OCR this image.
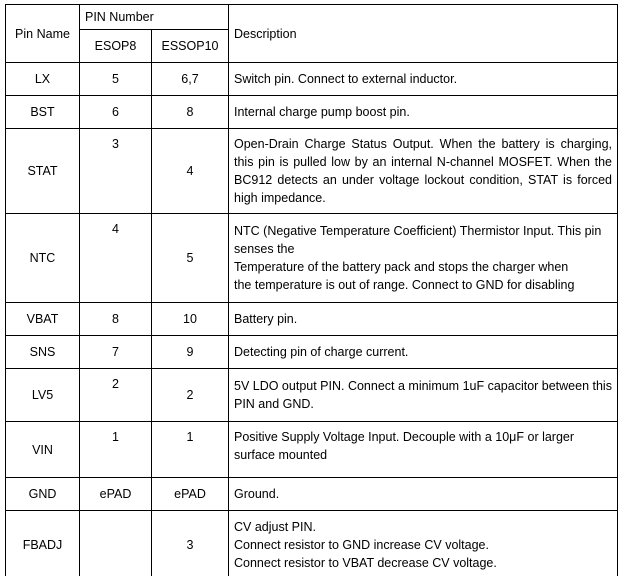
Pin Name	PIN Number		Description
	ESOP8	ESSOP10	
LX	5	6,7	Switch pin. Connect to external inductor.
BST	6	8	Internal charge pump boost pin.
STAT	3	4	Open-Drain Charge Status Output. When the battery is charging, this pin is pulled low by an internal N-channel MOSFET. When the BC912 detects an under voltage lockout condition, STAT is forced high impedance.
NTC	4	5	NTC (Negative Temperature Coefficient) Thermistor Input. This pin senses the
Temperature of the battery pack and stops the charger when
the temperature is out of range. Connect to GND for disabling

VBAT	8	10	Battery pin.
SNS	7	9	Detecting pin of charge current.
LV5	2	2	5V LDO output PIN. Connect a minimum 1uF capacitor between this PIN and GND.
VIN	1	1	Positive Supply Voltage Input. Decouple with a 10μF or larger surface mounted
GND	ePAD	ePAD	Ground.
FBADJ		3	CV adjust PIN.
Connect resistor to GND increase CV voltage.
Connect resistor to VBAT decrease CV voltage.
